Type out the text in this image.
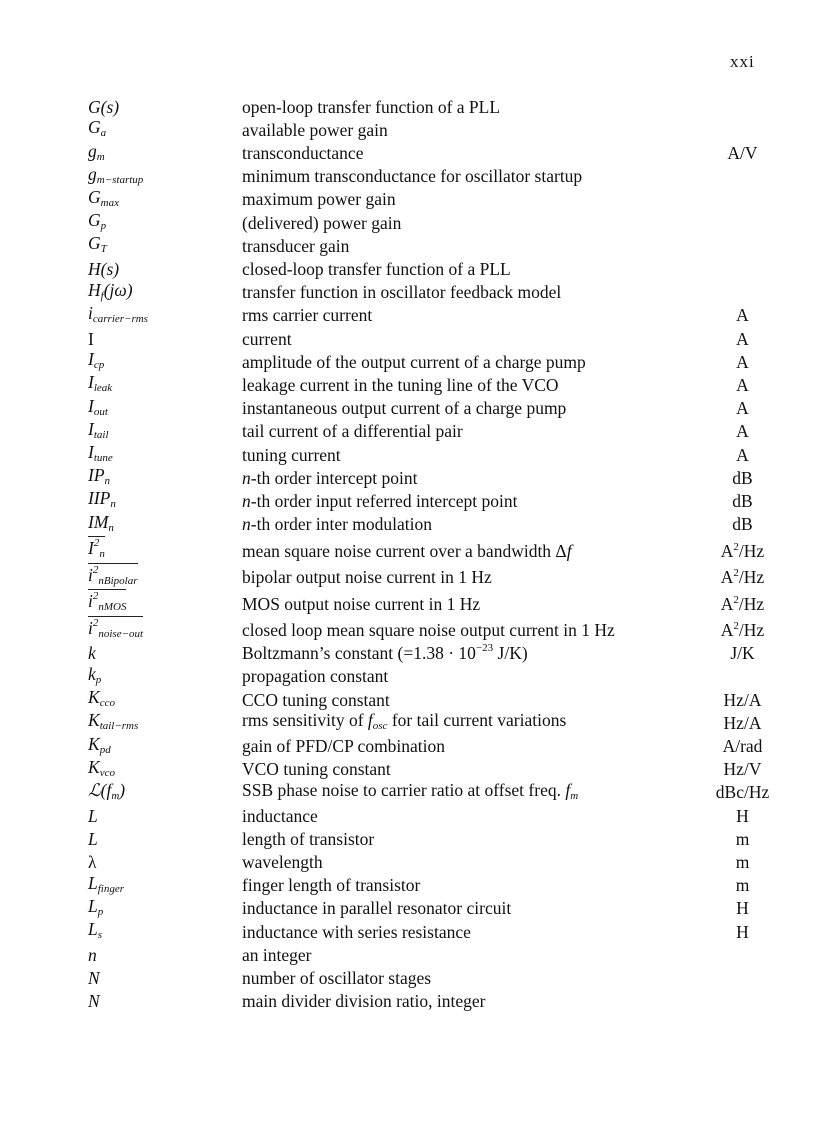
xxi
G(s)	open-loop transfer function of a PLL
$G_a$	available power gain
$g_m$	transconductance	A/V
$g_{m-startup}$	minimum transconductance for oscillator startup
$G_{max}$	maximum power gain
$G_p$	(delivered) power gain
$G_T$	transducer gain
H(s)	closed-loop transfer function of a PLL
$H_f(j\omega)$	transfer function in oscillator feedback model
$i_{carrier-rms}$	rms carrier current	A
I	current	A
$I_{cp}$	amplitude of the output current of a charge pump	A
$I_{leak}$	leakage current in the tuning line of the VCO	A
$I_{out}$	instantaneous output current of a charge pump	A
$I_{tail}$	tail current of a differential pair	A
$I_{tune}$	tuning current	A
$IP_n$	n-th order intercept point	dB
$IIP_n$	n-th order input referred intercept point	dB
$IM_n$	n-th order inter modulation	dB
$I^2_n$	mean square noise current over a bandwidth Δf	$A^2/Hz$
$i^2_{nBipolar}$	bipolar output noise current in 1 Hz	$A^2/Hz$
$i^2_{nMOS}$	MOS output noise current in 1 Hz	$A^2/Hz$
$i^2_{noise-out}$	closed loop mean square noise output current in 1 Hz	$A^2/Hz$
k	Boltzmann’s constant ($=1.38 \cdot 10^{-23}$ J/K)	J/K
$k_p$	propagation constant
$K_{cco}$	CCO tuning constant	Hz/A
$K_{tail-rms}$	rms sensitivity of $f_{osc}$ for tail current variations	Hz/A
$K_{pd}$	gain of PFD/CP combination	A/rad
$K_{vco}$	VCO tuning constant	Hz/V
$ℒ(f_m)$	SSB phase noise to carrier ratio at offset freq. $f_m$	dBc/Hz
L	inductance	H
L	length of transistor	m
λ	wavelength	m
$L_{finger}$	finger length of transistor	m
$L_p$	inductance in parallel resonator circuit	H
$L_s$	inductance with series resistance	H
n	an integer
N	number of oscillator stages
N	main divider division ratio, integer
